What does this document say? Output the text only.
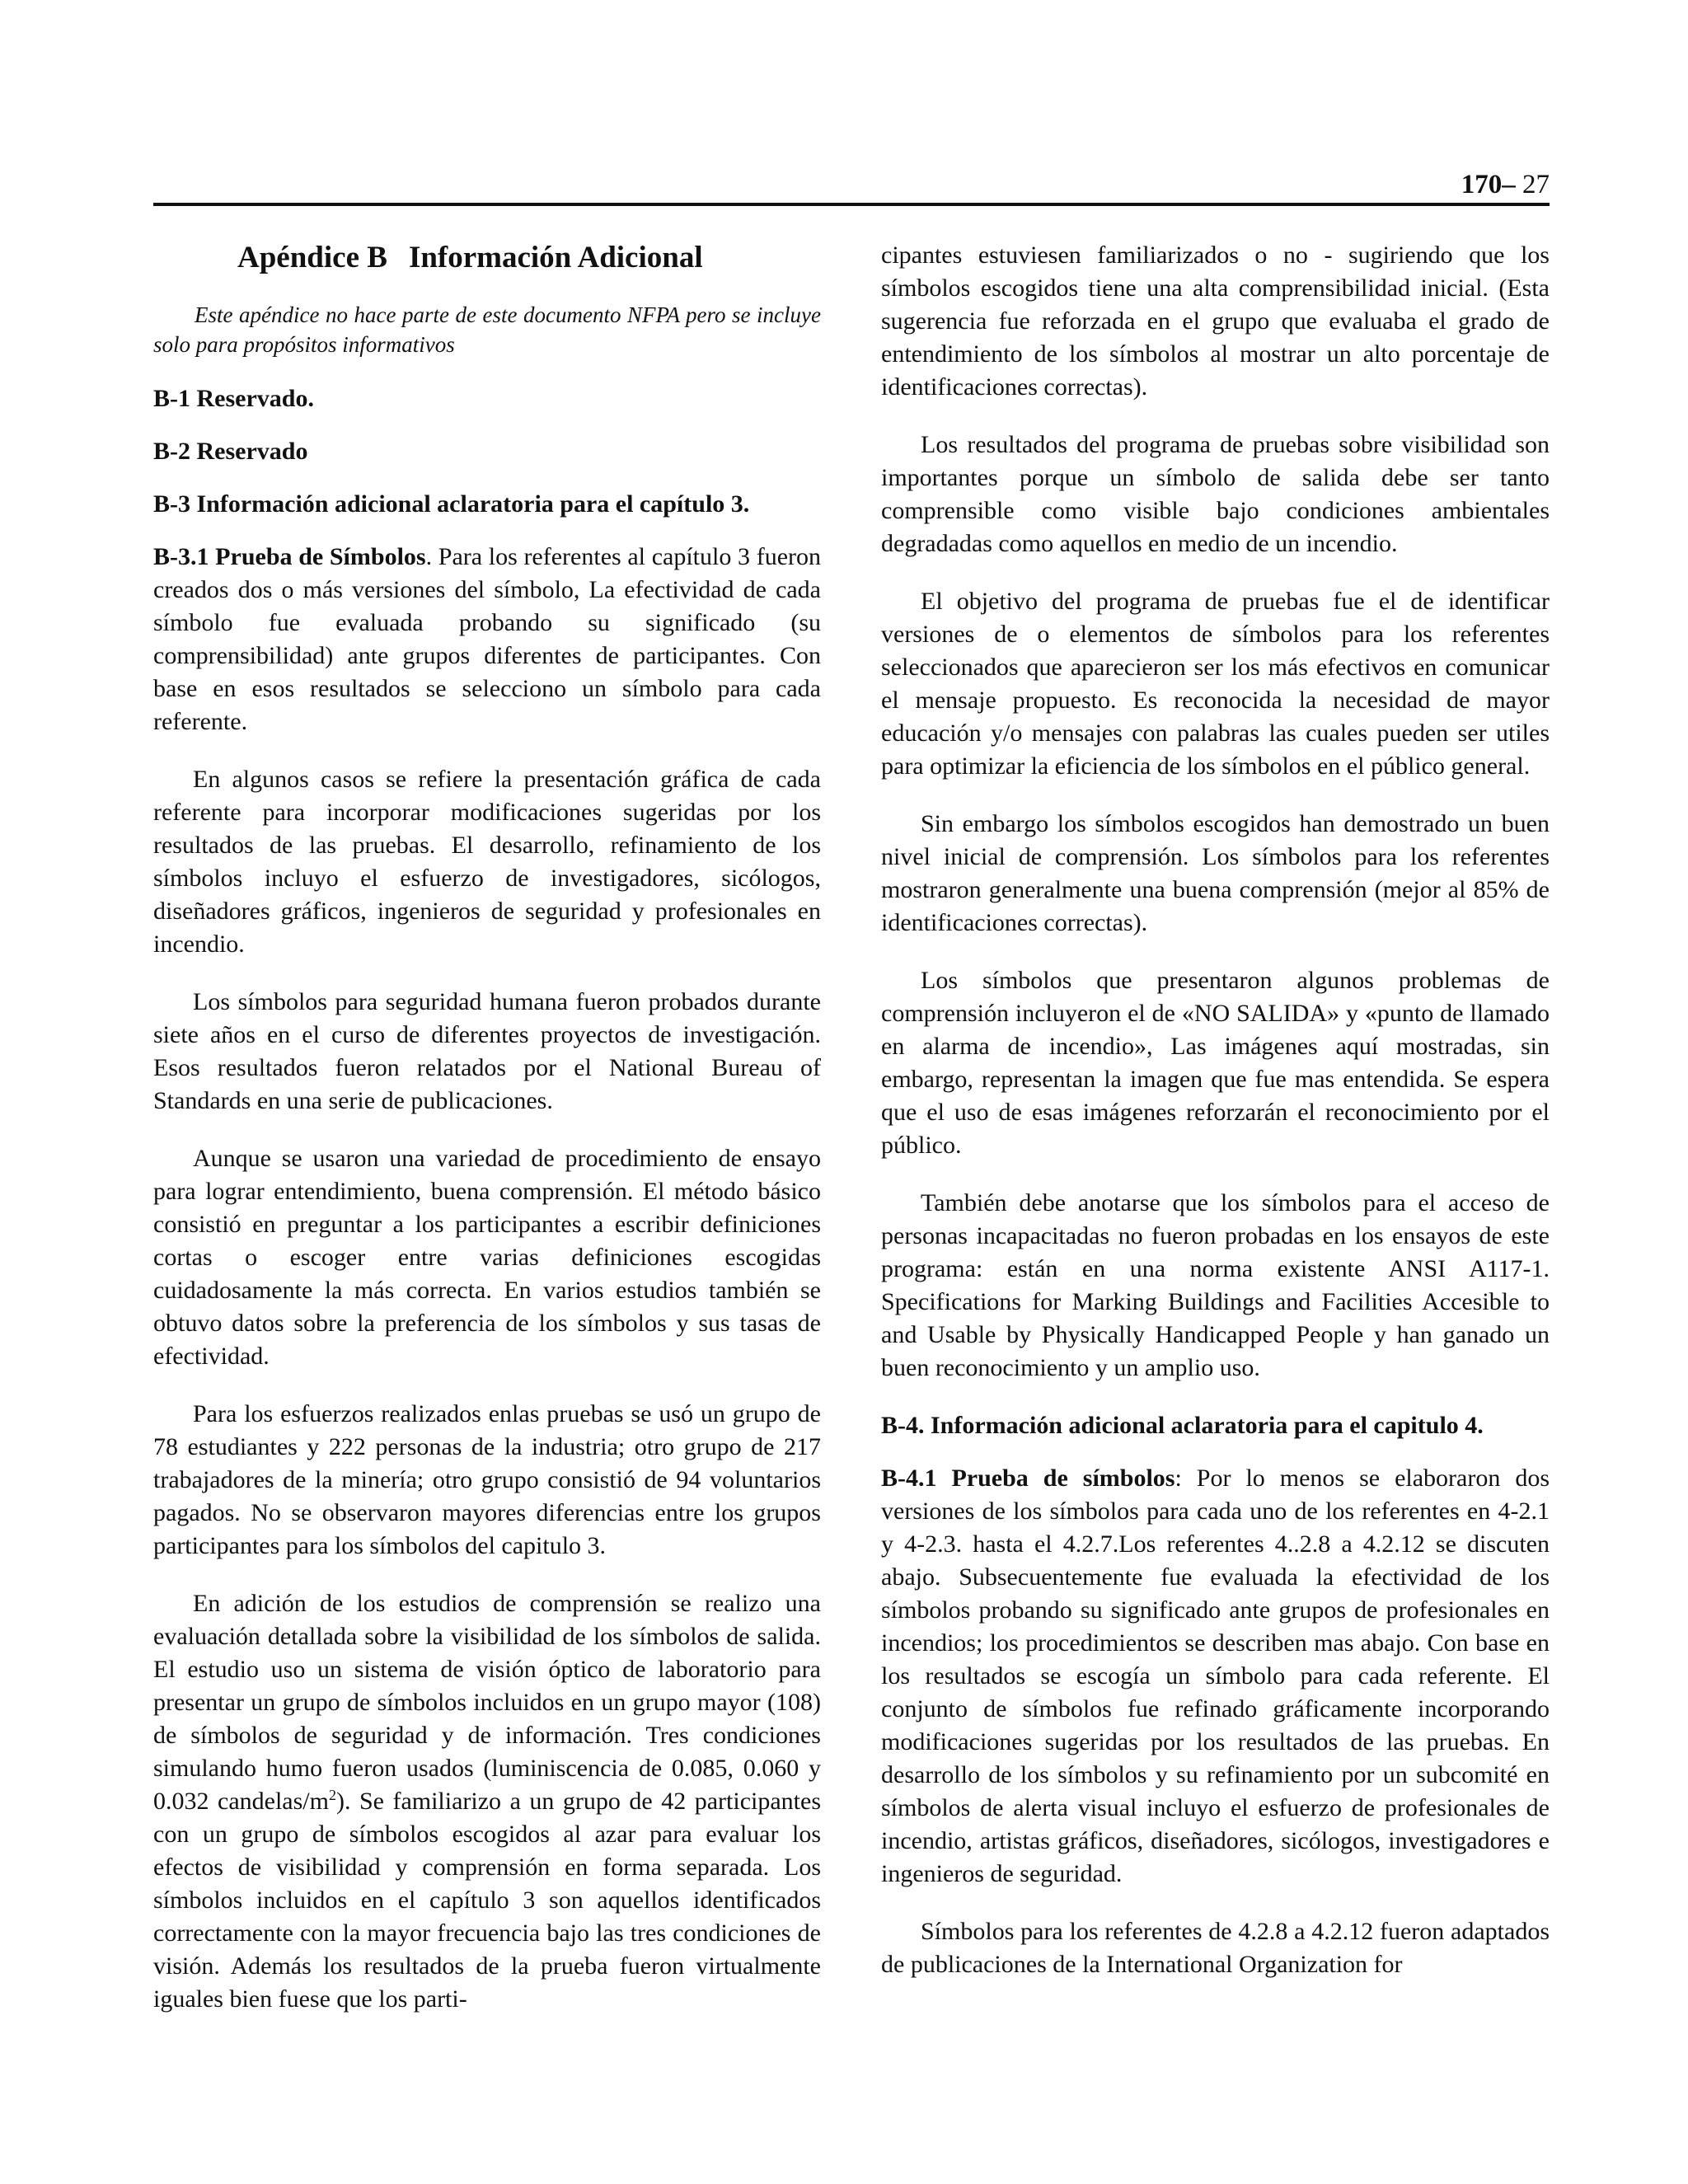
170– 27
Apéndice B Información Adicional

Este apéndice no hace parte de este documento NFPA pero se incluye solo para propósitos informativos

B-1 Reservado.

B-2 Reservado

B-3 Información adicional aclaratoria para el capítulo 3.

B-3.1 Prueba de Símbolos. Para los referentes al capítulo 3 fueron creados dos o más versiones del símbolo, La efectividad de cada símbolo fue evaluada probando su significado (su comprensibilidad) ante grupos diferentes de participantes. Con base en esos resultados se selecciono un símbolo para cada referente.

En algunos casos se refiere la presentación gráfica de cada referente para incorporar modificaciones sugeridas por los resultados de las pruebas. El desarrollo, refinamiento de los símbolos incluyo el esfuerzo de investigadores, sicólogos, diseñadores gráficos, ingenieros de seguridad y profesionales en incendio.

Los símbolos para seguridad humana fueron probados durante siete años en el curso de diferentes proyectos de investigación. Esos resultados fueron relatados por el National Bureau of Standards en una serie de publicaciones.

Aunque se usaron una variedad de procedimiento de ensayo para lograr entendimiento, buena comprensión. El método básico consistió en preguntar a los participantes a escribir definiciones cortas o escoger entre varias definiciones escogidas cuidadosamente la más correcta. En varios estudios también se obtuvo datos sobre la preferencia de los símbolos y sus tasas de efectividad.

Para los esfuerzos realizados enlas pruebas se usó un grupo de 78 estudiantes y 222 personas de la industria; otro grupo de 217 trabajadores de la minería; otro grupo consistió de 94 voluntarios pagados. No se observaron mayores diferencias entre los grupos participantes para los símbolos del capitulo 3.

En adición de los estudios de comprensión se realizo una evaluación detallada sobre la visibilidad de los símbolos de salida. El estudio uso un sistema de visión óptico de laboratorio para presentar un grupo de símbolos incluidos en un grupo mayor (108) de símbolos de seguridad y de información. Tres condiciones simulando humo fueron usados (luminiscencia de 0.085, 0.060 y 0.032 candelas/$m^2$). Se familiarizo a un grupo de 42 participantes con un grupo de símbolos escogidos al azar para evaluar los efectos de visibilidad y comprensión en forma separada. Los símbolos incluidos en el capítulo 3 son aquellos identificados correctamente con la mayor frecuencia bajo las tres condiciones de visión. Además los resultados de la prueba fueron virtualmente iguales bien fuese que los parti-

cipantes estuviesen familiarizados o no - sugiriendo que los símbolos escogidos tiene una alta comprensibilidad inicial. (Esta sugerencia fue reforzada en el grupo que evaluaba el grado de entendimiento de los símbolos al mostrar un alto porcentaje de identificaciones correctas).

Los resultados del programa de pruebas sobre visibilidad son importantes porque un símbolo de salida debe ser tanto comprensible como visible bajo condiciones ambientales degradadas como aquellos en medio de un incendio.

El objetivo del programa de pruebas fue el de identificar versiones de o elementos de símbolos para los referentes seleccionados que aparecieron ser los más efectivos en comunicar el mensaje propuesto. Es reconocida la necesidad de mayor educación y/o mensajes con palabras las cuales pueden ser utiles para optimizar la eficiencia de los símbolos en el público general.

Sin embargo los símbolos escogidos han demostrado un buen nivel inicial de comprensión. Los símbolos para los referentes mostraron generalmente una buena comprensión (mejor al 85% de identificaciones correctas).

Los símbolos que presentaron algunos problemas de comprensión incluyeron el de «NO SALIDA» y «punto de llamado en alarma de incendio», Las imágenes aquí mostradas, sin embargo, representan la imagen que fue mas entendida. Se espera que el uso de esas imágenes reforzarán el reconocimiento por el público.

También debe anotarse que los símbolos para el acceso de personas incapacitadas no fueron probadas en los ensayos de este programa: están en una norma existente ANSI A117-1. Specifications for Marking Buildings and Facilities Accesible to and Usable by Physically Handicapped People y han ganado un buen reconocimiento y un amplio uso.

B-4. Información adicional aclaratoria para el capitulo 4.

B-4.1 Prueba de símbolos: Por lo menos se elaboraron dos versiones de los símbolos para cada uno de los referentes en 4-2.1 y 4-2.3. hasta el 4.2.7.Los referentes 4..2.8 a 4.2.12 se discuten abajo. Subsecuentemente fue evaluada la efectividad de los símbolos probando su significado ante grupos de profesionales en incendios; los procedimientos se describen mas abajo. Con base en los resultados se escogía un símbolo para cada referente. El conjunto de símbolos fue refinado gráficamente incorporando modificaciones sugeridas por los resultados de las pruebas. En desarrollo de los símbolos y su refinamiento por un subcomité en símbolos de alerta visual incluyo el esfuerzo de profesionales de incendio, artistas gráficos, diseñadores, sicólogos, investigadores e ingenieros de seguridad.

Símbolos para los referentes de 4.2.8 a 4.2.12 fueron adaptados de publicaciones de la International Organization for
